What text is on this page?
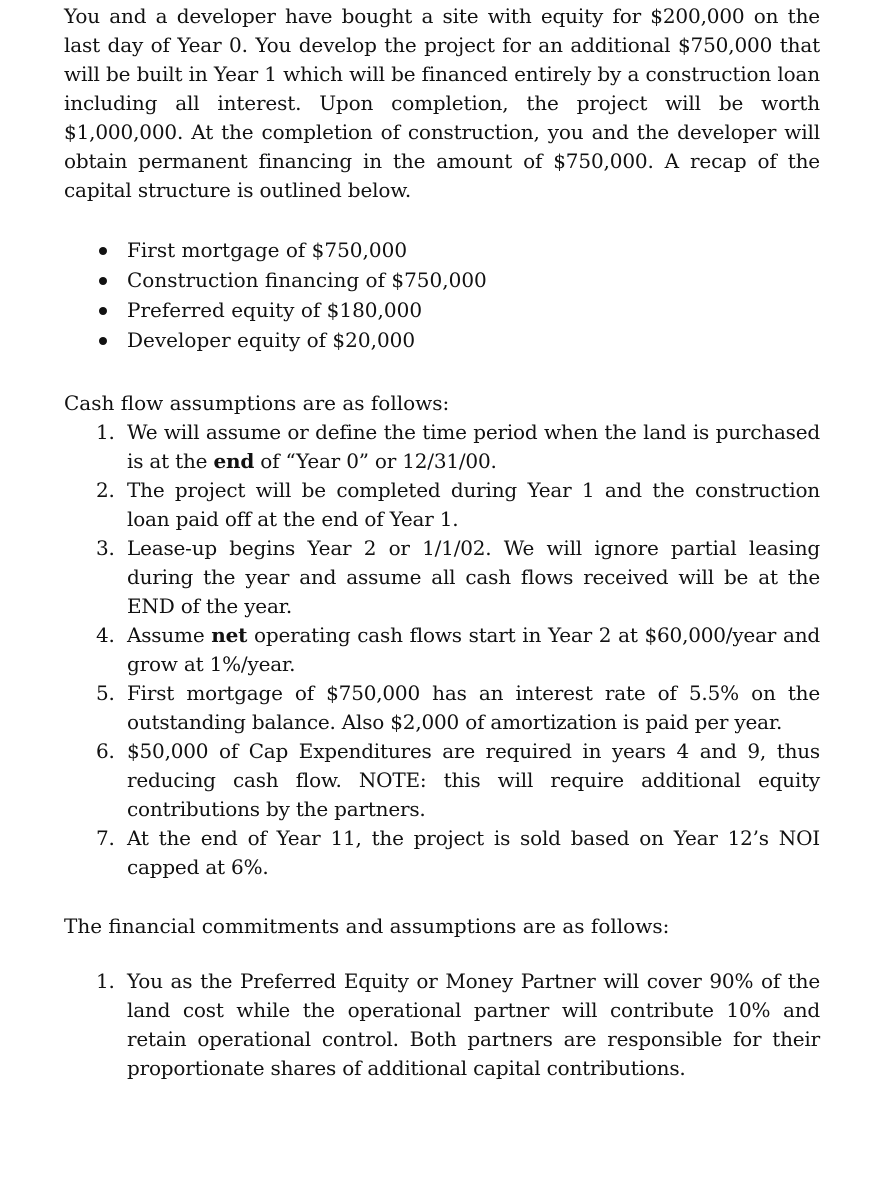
You and a developer have bought a site with equity for $200,000 on the last day of Year 0. You develop the project for an additional $750,000 that will be built in Year 1 which will be financed entirely by a construction loan including all interest. Upon completion, the project will be worth $1,000,000. At the completion of construction, you and the developer will obtain permanent financing in the amount of $750,000. A recap of the capital structure is outlined below.

First mortgage of $750,000
Construction financing of $750,000
Preferred equity of $180,000
Developer equity of $20,000

Cash flow assumptions are as follows:

1. We will assume or define the time period when the land is purchased is at the end of “Year 0” or 12/31/00.
2. The project will be completed during Year 1 and the construction loan paid off at the end of Year 1.
3. Lease-up begins Year 2 or 1/1/02. We will ignore partial leasing during the year and assume all cash flows received will be at the END of the year.
4. Assume net operating cash flows start in Year 2 at $60,000/year and grow at 1%/year.
5. First mortgage of $750,000 has an interest rate of 5.5% on the outstanding balance. Also $2,000 of amortization is paid per year.
6. $50,000 of Cap Expenditures are required in years 4 and 9, thus reducing cash flow. NOTE: this will require additional equity contributions by the partners.
7. At the end of Year 11, the project is sold based on Year 12’s NOI capped at 6%.

The financial commitments and assumptions are as follows:

1. You as the Preferred Equity or Money Partner will cover 90% of the land cost while the operational partner will contribute 10% and retain operational control. Both partners are responsible for their proportionate shares of additional capital contributions.
